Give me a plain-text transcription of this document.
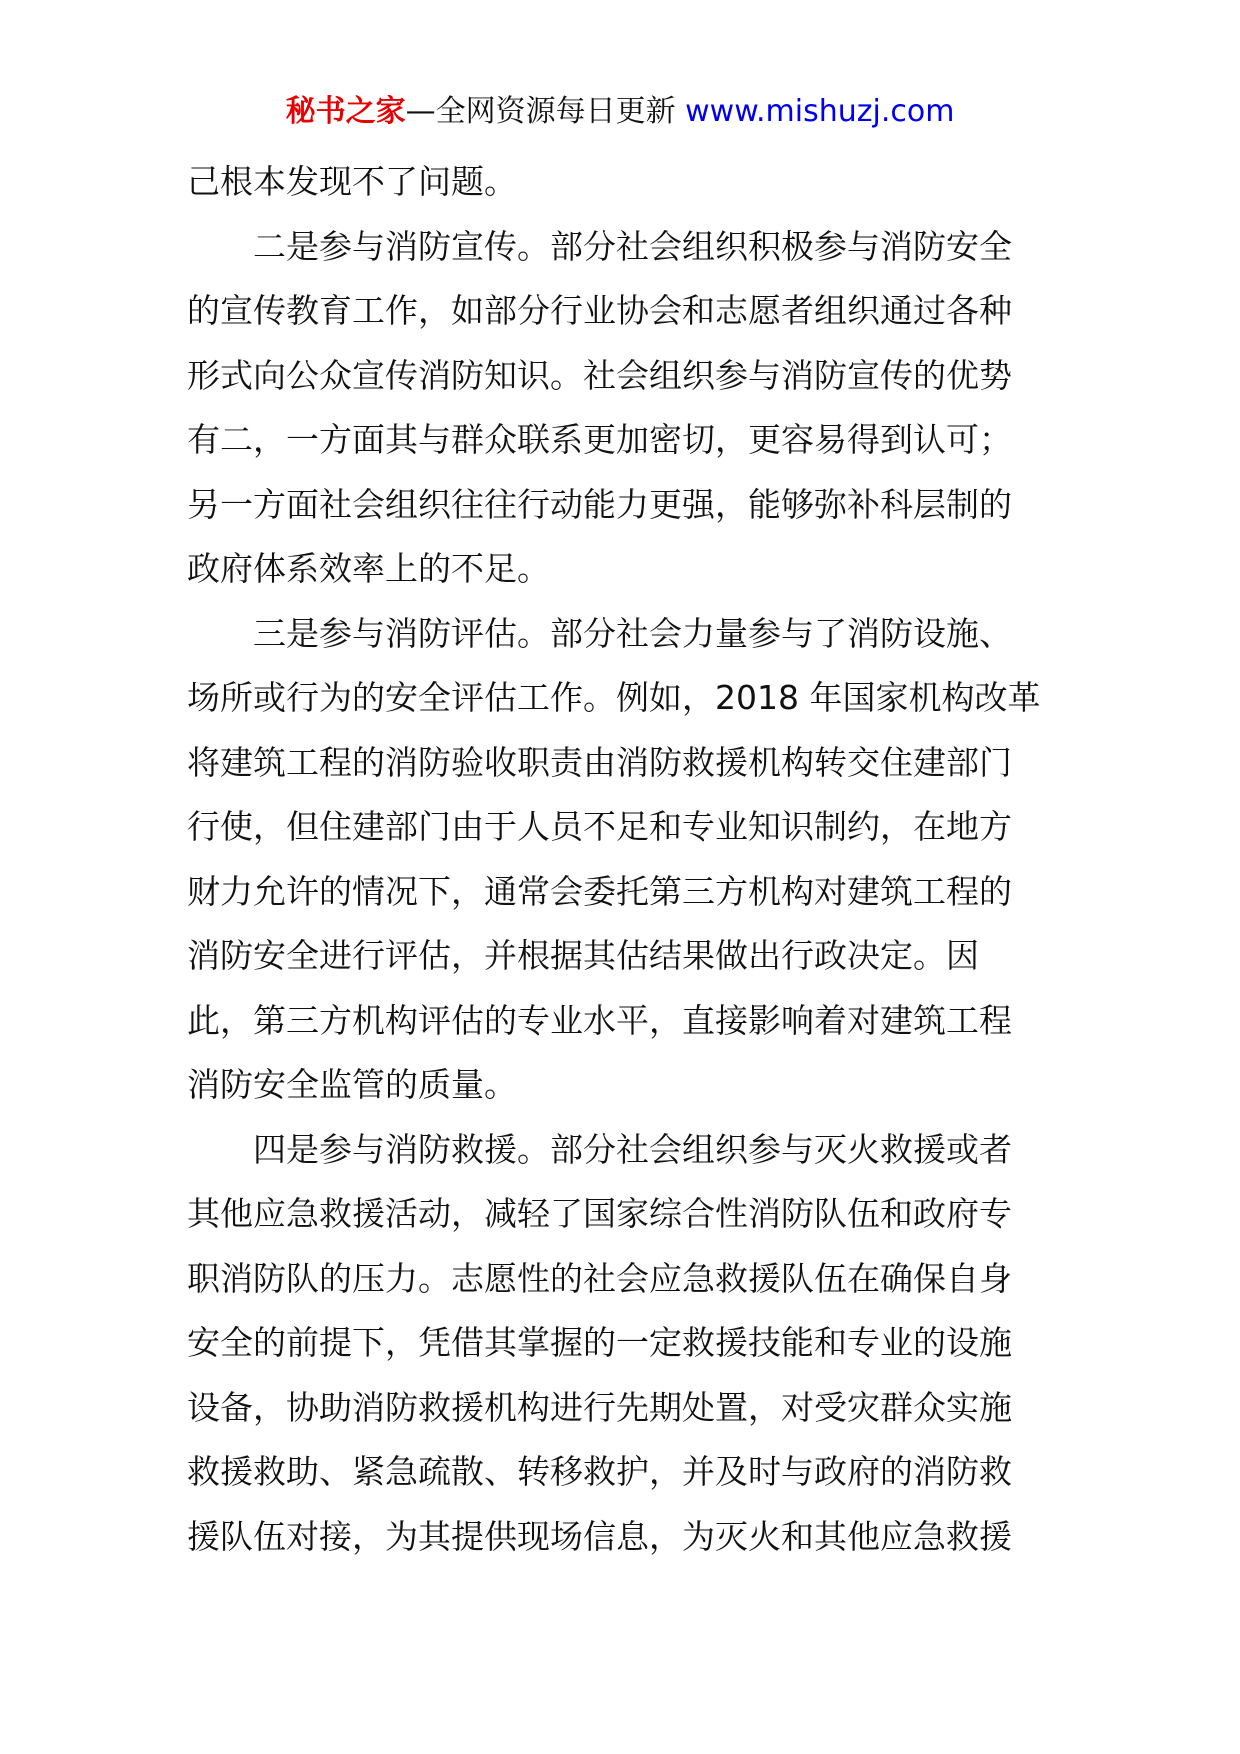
秘书之家—全网资源每日更新 www.mishuzj.com
己根本发现不了问题。
　　二是参与消防宣传。部分社会组织积极参与消防安全
的宣传教育工作，如部分行业协会和志愿者组织通过各种
形式向公众宣传消防知识。社会组织参与消防宣传的优势
有二，一方面其与群众联系更加密切，更容易得到认可；
另一方面社会组织往往行动能力更强，能够弥补科层制的
政府体系效率上的不足。
　　三是参与消防评估。部分社会力量参与了消防设施、
场所或行为的安全评估工作。例如，2018 年国家机构改革
将建筑工程的消防验收职责由消防救援机构转交住建部门
行使，但住建部门由于人员不足和专业知识制约，在地方
财力允许的情况下，通常会委托第三方机构对建筑工程的
消防安全进行评估，并根据其估结果做出行政决定。因
此，第三方机构评估的专业水平，直接影响着对建筑工程
消防安全监管的质量。
　　四是参与消防救援。部分社会组织参与灭火救援或者
其他应急救援活动，减轻了国家综合性消防队伍和政府专
职消防队的压力。志愿性的社会应急救援队伍在确保自身
安全的前提下，凭借其掌握的一定救援技能和专业的设施
设备，协助消防救援机构进行先期处置，对受灾群众实施
救援救助、紧急疏散、转移救护，并及时与政府的消防救
援队伍对接，为其提供现场信息，为灭火和其他应急救援
